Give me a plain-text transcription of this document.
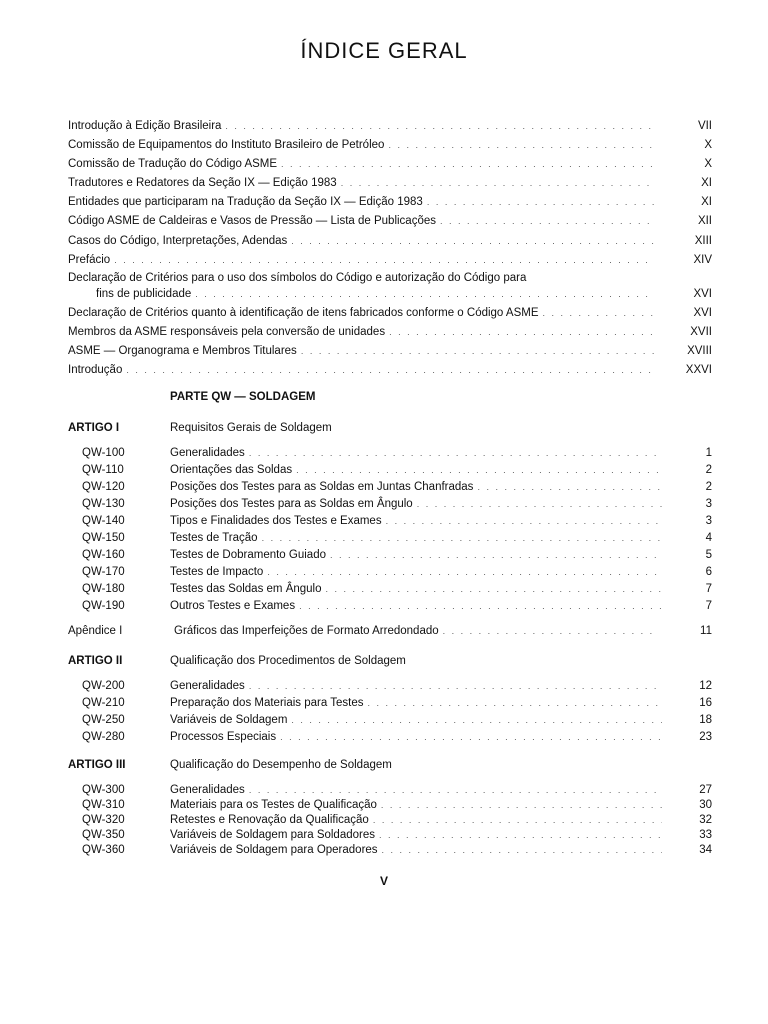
ÍNDICE GERAL
Introdução à Edição Brasileira . . .	VII
Comissão de Equipamentos do Instituto Brasileiro de Petróleo . . .	X
Comissão de Tradução do Código ASME . . .	X
Tradutores e Redatores da Seção IX — Edição 1983 . . .	XI
Entidades que participaram na Tradução da Seção IX — Edição 1983 . . .	XI
Código ASME de Caldeiras e Vasos de Pressão — Lista de Publicações . . .	XII
Casos do Código, Interpretações, Adendas . . .	XIII
Prefácio . . .	XIV
Declaração de Critérios para o uso dos símbolos do Código e autorização do Código para
fins de publicidade . . .	XVI
Declaração de Critérios quanto à identificação de itens fabricados conforme o Código ASME . . .	XVI
Membros da ASME responsáveis pela conversão de unidades . . .	XVII
ASME — Organograma e Membros Titulares . . .	XVIII
Introdução . . .	XXVI
PARTE QW — SOLDAGEM
ARTIGO I	Requisitos Gerais de Soldagem
QW-100	Generalidades . . .	1
QW-110	Orientações das Soldas . . .	2
QW-120	Posições dos Testes para as Soldas em Juntas Chanfradas . . .	2
QW-130	Posições dos Testes para as Soldas em Ângulo . . .	3
QW-140	Tipos e Finalidades dos Testes e Exames . . .	3
QW-150	Testes de Tração . . .	4
QW-160	Testes de Dobramento Guiado . . .	5
QW-170	Testes de Impacto . . .	6
QW-180	Testes das Soldas em Ângulo . . .	7
QW-190	Outros Testes e Exames . . .	7
Apêndice I	Gráficos das Imperfeições de Formato Arredondado . . .	11
ARTIGO II	Qualificação dos Procedimentos de Soldagem
QW-200	Generalidades . . .	12
QW-210	Preparação dos Materiais para Testes . . .	16
QW-250	Variáveis de Soldagem . . .	18
QW-280	Processos Especiais . . .	23
ARTIGO III	Qualificação do Desempenho de Soldagem
QW-300	Generalidades . . .	27
QW-310	Materiais para os Testes de Qualificação . . .	30
QW-320	Retestes e Renovação da Qualificação . . .	32
QW-350	Variáveis de Soldagem para Soldadores . . .	33
QW-360	Variáveis de Soldagem para Operadores . . .	34
V
